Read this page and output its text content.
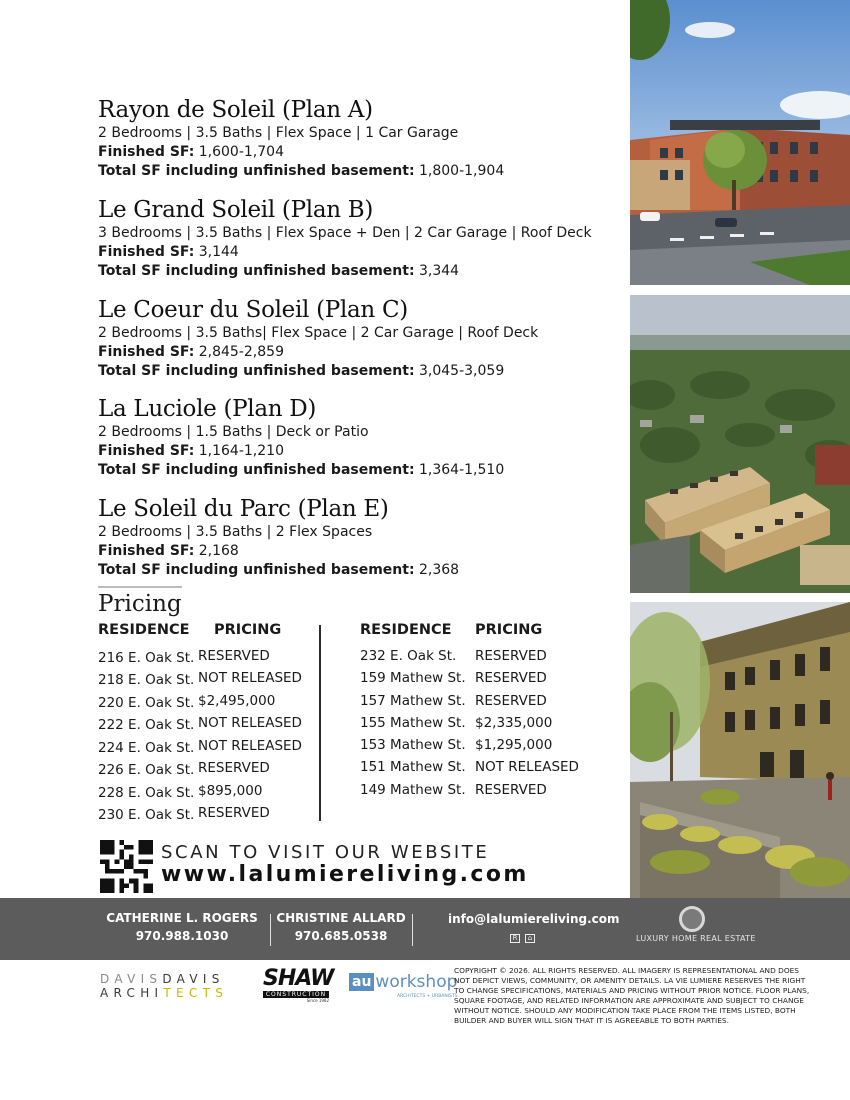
Rayon de Soleil (Plan A)
2 Bedrooms | 3.5 Baths | Flex Space | 1 Car Garage
Finished SF: 1,600-1,704
Total SF including unfinished basement: 1,800-1,904
Le Grand Soleil (Plan B)
3 Bedrooms | 3.5 Baths | Flex Space + Den | 2 Car Garage | Roof Deck
Finished SF: 3,144
Total SF including unfinished basement: 3,344
Le Coeur du Soleil (Plan C)
2 Bedrooms | 3.5 Baths| Flex Space | 2 Car Garage | Roof Deck
Finished SF: 2,845-2,859
Total SF including unfinished basement: 3,045-3,059
La Luciole (Plan D)
2 Bedrooms | 1.5 Baths | Deck or Patio
Finished SF: 1,164-1,210
Total SF including unfinished basement: 1,364-1,510
Le Soleil du Parc (Plan E)
2 Bedrooms | 3.5 Baths | 2 Flex Spaces
Finished SF: 2,168
Total SF including unfinished basement: 2,368
Pricing
RESIDENCE PRICING
216 E. Oak St. RESERVED
218 E. Oak St. NOT RELEASED
220 E. Oak St. $2,495,000
222 E. Oak St. NOT RELEASED
224 E. Oak St. NOT RELEASED
226 E. Oak St. RESERVED
228 E. Oak St. $895,000
230 E. Oak St. RESERVED
RESIDENCE PRICING
232 E. Oak St. RESERVED
159 Mathew St. RESERVED
157 Mathew St. RESERVED
155 Mathew St. $2,335,000
153 Mathew St. $1,295,000
151 Mathew St. NOT RELEASED
149 Mathew St. RESERVED
SCAN TO VISIT OUR WEBSITE
www.lalumiereliving.com
CATHERINE L. ROGERS
970.988.1030
CHRISTINE ALLARD
970.685.0538
info@lalumiereliving.com
R	⌂	LUXURY HOME REAL ESTATE
DAVISDAVIS
ARCHITECTS
SHAW
CONSTRUCTION
Since 1982
au workshop
ARCHITECTS + URBANISTS
COPYRIGHT © 2026. ALL RIGHTS RESERVED. ALL IMAGERY IS REPRESENTATIONAL AND DOES NOT DEPICT VIEWS, COMMUNITY, OR AMENITY DETAILS. LA VIE LUMIERE RESERVES THE RIGHT TO CHANGE SPECIFICATIONS, MATERIALS AND PRICING WITHOUT PRIOR NOTICE. FLOOR PLANS, SQUARE FOOTAGE, AND RELATED INFORMATION ARE APPROXIMATE AND SUBJECT TO CHANGE WITHOUT NOTICE. SHOULD ANY MODIFICATION TAKE PLACE FROM THE ITEMS LISTED, BOTH BUILDER AND BUYER WILL SIGN THAT IT IS AGREEABLE TO BOTH PARTIES.
